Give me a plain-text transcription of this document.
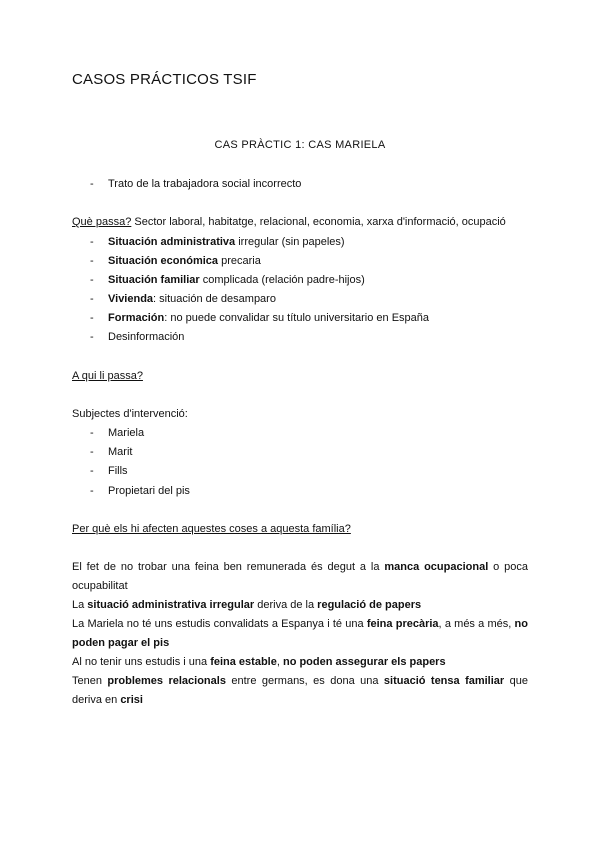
CASOS PRÁCTICOS TSIF
CAS PRÀCTIC 1: CAS MARIELA
- Trato de la trabajadora social incorrecto
Què passa? Sector laboral, habitatge, relacional, economia, xarxa d'informació, ocupació
- Situación administrativa irregular (sin papeles)
- Situación económica precaria
- Situación familiar complicada (relación padre-hijos)
- Vivienda: situación de desamparo
- Formación: no puede convalidar su título universitario en España
- Desinformación
A qui li passa?
Subjectes d'intervenció:
- Mariela
- Marit
- Fills
- Propietari del pis
Per què els hi afecten aquestes coses a aquesta família?
El fet de no trobar una feina ben remunerada és degut a la manca ocupacional o poca ocupabilitat
La situació administrativa irregular deriva de la regulació de papers
La Mariela no té uns estudis convalidats a Espanya i té una feina precària, a més a més, no poden pagar el pis
Al no tenir uns estudis i una feina estable, no poden assegurar els papers
Tenen problemes relacionals entre germans, es dona una situació tensa familiar que deriva en crisi
